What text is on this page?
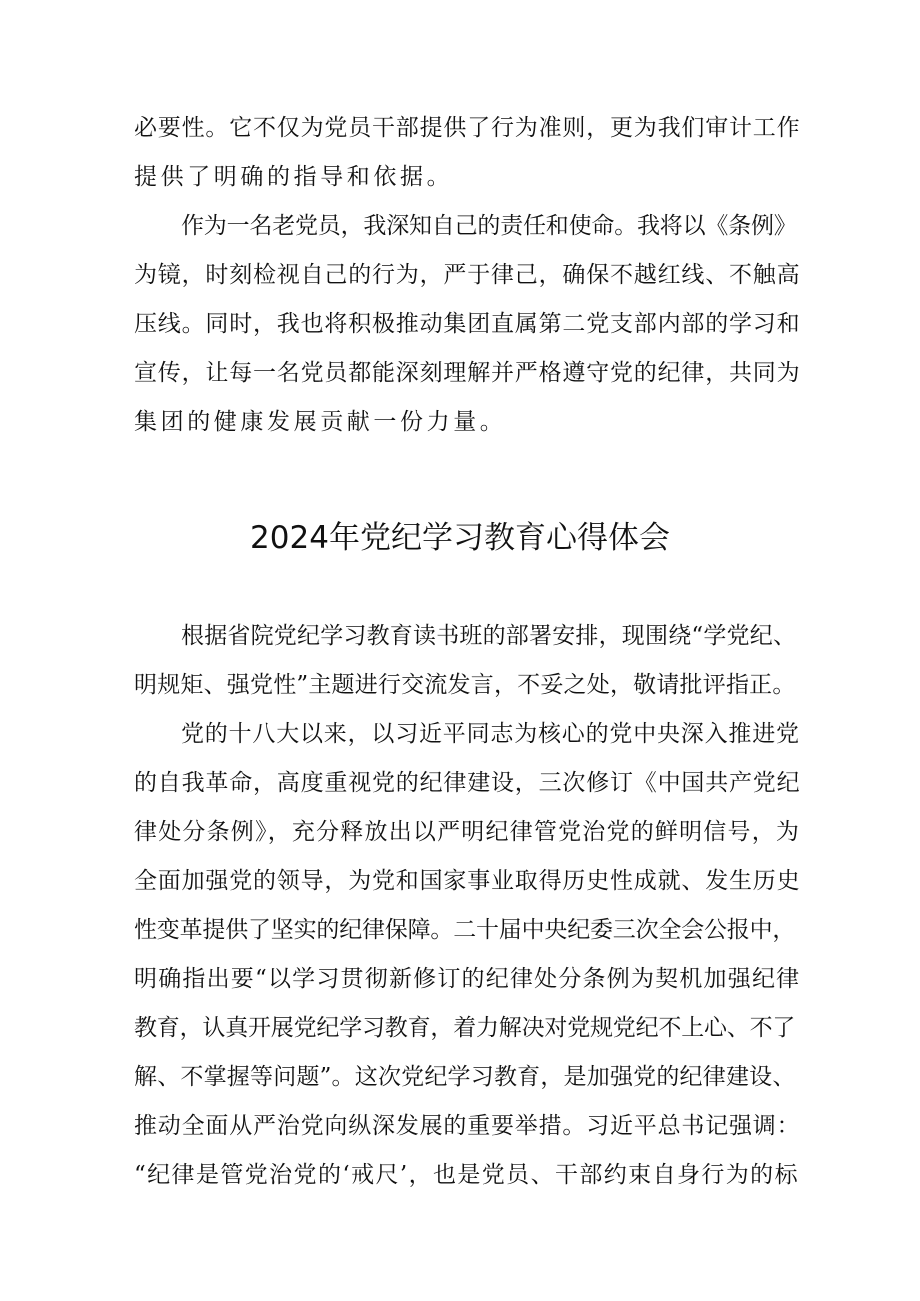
必要性。它不仅为党员干部提供了行为准则，更为我们审计工作
提供了明确的指导和依据。
作为一名老党员，我深知自己的责任和使命。我将以《条例》
为镜，时刻检视自己的行为，严于律己，确保不越红线、不触高
压线。同时，我也将积极推动集团直属第二党支部内部的学习和
宣传，让每一名党员都能深刻理解并严格遵守党的纪律，共同为
集团的健康发展贡献一份力量。
2024年党纪学习教育心得体会
根据省院党纪学习教育读书班的部署安排，现围绕“学党纪、
明规矩、强党性”主题进行交流发言，不妥之处，敬请批评指正。
党的十八大以来，以习近平同志为核心的党中央深入推进党
的自我革命，高度重视党的纪律建设，三次修订《中国共产党纪
律处分条例》，充分释放出以严明纪律管党治党的鲜明信号，为
全面加强党的领导，为党和国家事业取得历史性成就、发生历史
性变革提供了坚实的纪律保障。二十届中央纪委三次全会公报中，
明确指出要“以学习贯彻新修订的纪律处分条例为契机加强纪律
教育，认真开展党纪学习教育，着力解决对党规党纪不上心、不了
解、不掌握等问题”。这次党纪学习教育，是加强党的纪律建设、
推动全面从严治党向纵深发展的重要举措。习近平总书记强调：
“纪律是管党治党的‘戒尺’，也是党员、干部约束自身行为的标
